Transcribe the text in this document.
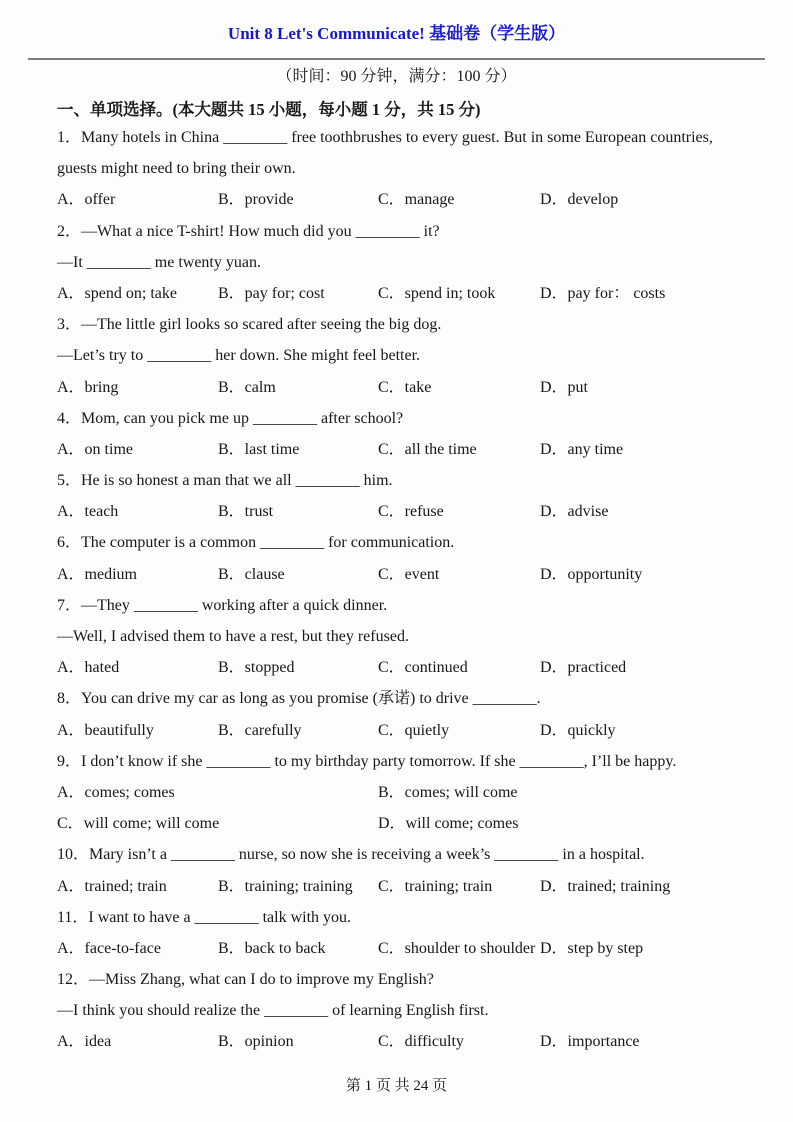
Unit 8 Let's Communicate! 基础卷（学生版）

（时间：90 分钟，满分：100 分）

一、单项选择。(本大题共 15 小题，每小题 1 分，共 15 分)

1．Many hotels in China ________ free toothbrushes to every guest. But in some European countries,

guests might need to bring their own.

A．offer	B．provide	C．manage	D．develop

2．—What a nice T-shirt! How much did you ________ it?

—It ________ me twenty yuan.

A．spend on; take	B．pay for; cost	C．spend in; took	D．pay for： costs

3．—The little girl looks so scared after seeing the big dog.

—Let’s try to ________ her down. She might feel better.

A．bring	B．calm	C．take	D．put

4．Mom, can you pick me up ________ after school?

A．on time	B．last time	C．all the time	D．any time

5．He is so honest a man that we all ________ him.

A．teach	B．trust	C．refuse	D．advise

6．The computer is a common ________ for communication.

A．medium	B．clause	C．event	D．opportunity

7．—They ________ working after a quick dinner.

—Well, I advised them to have a rest, but they refused.

A．hated	B．stopped	C．continued	D．practiced

8．You can drive my car as long as you promise (承诺) to drive ________.

A．beautifully	B．carefully	C．quietly	D．quickly

9．I don’t know if she ________ to my birthday party tomorrow. If she ________, I’ll be happy.

A．comes; comes	B．comes; will come
C．will come; will come	D．will come; comes

10．Mary isn’t a ________ nurse, so now she is receiving a week’s ________ in a hospital.

A．trained; train	B．training; training C．training; train	D．trained; training

11．I want to have a ________ talk with you.

A．face-to-face	B．back to back	C．shoulder to shoulder D．step by step

12．—Miss Zhang, what can I do to improve my English?

—I think you should realize the ________ of learning English first.

A．idea	B．opinion	C．difficulty	D．importance
第 1 页 共 24 页
